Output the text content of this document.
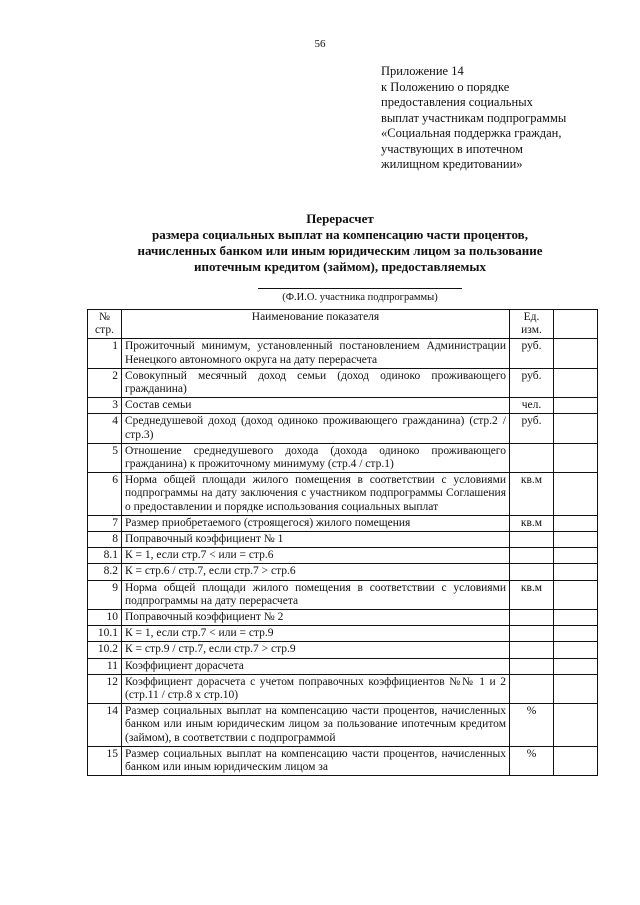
56
Приложение 14
к Положению о порядке
предоставления социальных
выплат участникам подпрограммы
«Социальная поддержка граждан,
участвующих в ипотечном
жилищном кредитовании»
Перерасчет
размера социальных выплат на компенсацию части процентов,
начисленных банком или иным юридическим лицом за пользование
ипотечным кредитом (займом), предоставляемых
(Ф.И.О. участника подпрограммы)
№ стр.	Наименование показателя	Ед. изм.	
1	Прожиточный минимум, установленный постановлением Администрации Ненецкого автономного округа на дату перерасчета	руб.	
2	Совокупный месячный доход семьи (доход одиноко проживающего гражданина)	руб.	
3	Состав семьи	чел.	
4	Среднедушевой доход (доход одиноко проживающего гражданина) (стр.2 / стр.3)	руб.	
5	Отношение среднедушевого дохода (дохода одиноко проживающего гражданина) к прожиточному минимуму (стр.4 / стр.1)		
6	Норма общей площади жилого помещения в соответствии с условиями подпрограммы на дату заключения с участником подпрограммы Соглашения о предоставлении и порядке использования социальных выплат	кв.м	
7	Размер приобретаемого (строящегося) жилого помещения	кв.м	
8	Поправочный коэффициент № 1		
8.1	К = 1, если стр.7 < или = стр.6		
8.2	К = стр.6 / стр.7, если стр.7 > стр.6		
9	Норма общей площади жилого помещения в соответствии с условиями подпрограммы на дату перерасчета	кв.м	
10	Поправочный коэффициент № 2		
10.1	К = 1, если стр.7 < или = стр.9		
10.2	К = стр.9 / стр.7, если стр.7 > стр.9		
11	Коэффициент дорасчета		
12	Коэффициент дорасчета с учетом поправочных коэффициентов №№ 1 и 2 (стр.11 / стр.8 х стр.10)		
14	Размер социальных выплат на компенсацию части процентов, начисленных банком или иным юридическим лицом за пользование ипотечным кредитом (займом), в соответствии с подпрограммой	%	
15	Размер социальных выплат на компенсацию части процентов, начисленных банком или иным юридическим лицом за	%	
